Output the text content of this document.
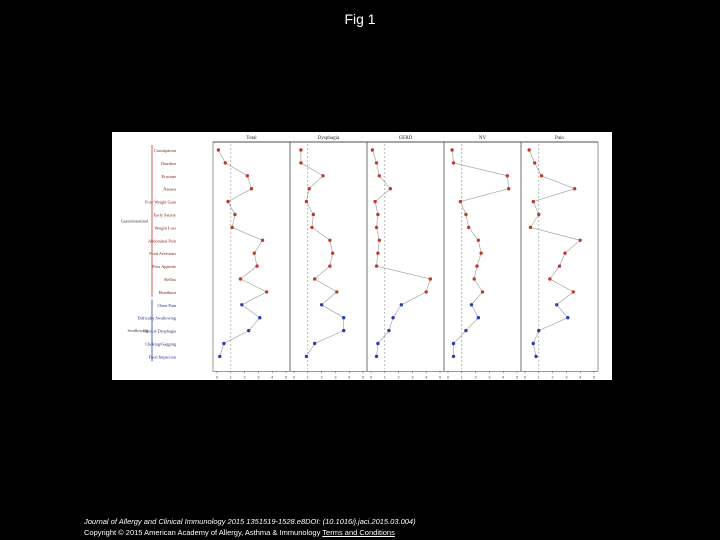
Fig 1
Constipation
Diarrhea
Eructate
Nausea
Poor Weight Gain
Early Satiety
Weight Loss
Abdominal Pain
Food Aversions
Poor Appetite
Reflux
Heartburn
Chest Pain
Difficulty Swallowing
Clinical Dysphagia
Choking/Gagging
Food Impaction
Gastrointestinal
Swallowing
Total
0	1	2	3	4	5
Dysphagia
0	1	2	3	4	5
GERD
0	1	2	3	4	5
NV
0	1	2	3	4	5
Pain
0	1	2	3	4	5
Journal of Allergy and Clinical Immunology 2015 1351519-1528.e8DOI: (10.1016/j.jaci.2015.03.004)
Copyright © 2015 American Academy of Allergy, Asthma & Immunology Terms and Conditions
